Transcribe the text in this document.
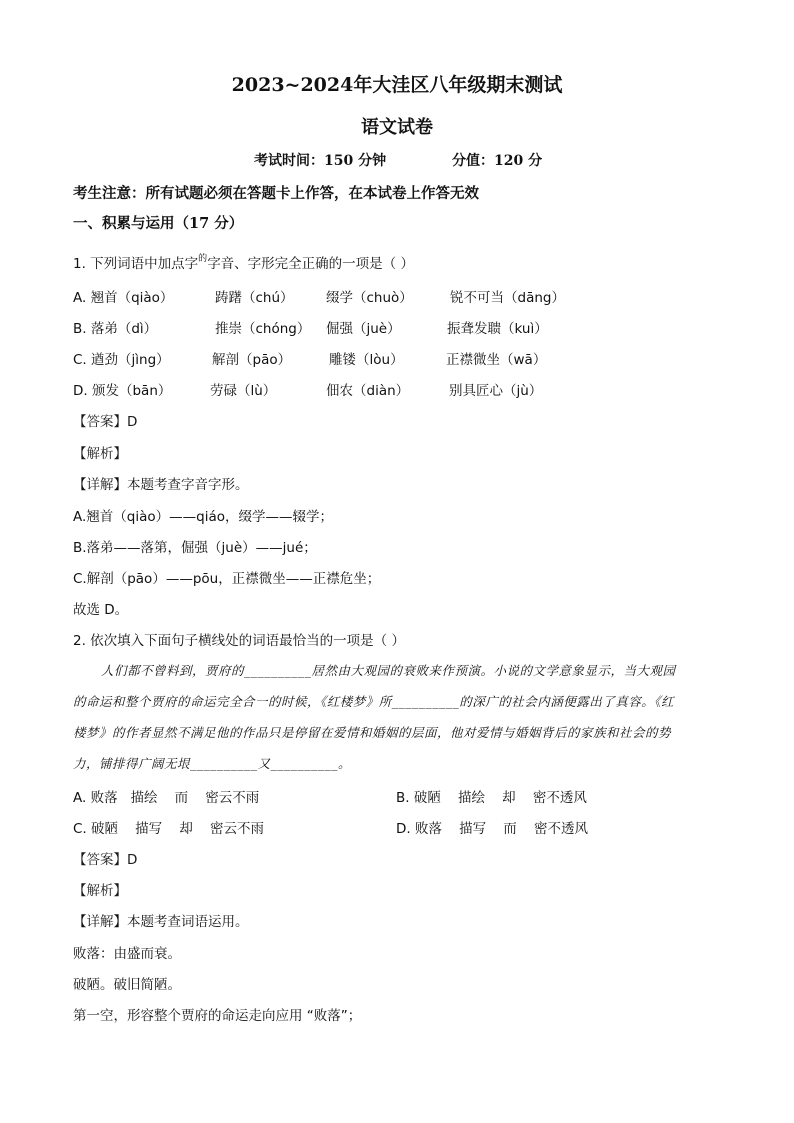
2023~2024年大洼区八年级期末测试
语文试卷
考试时间：150 分钟	分值：120 分
考生注意：所有试题必须在答题卡上作答，在本试卷上作答无效
一、积累与运用（17 分）
1. 下列词语中加点字$^的$字音、字形完全正确的一项是（ ）
A. 翘首（qiào）	踌躇（chú） 缀学（chuò）	锐不可当（dāng）
B. 落弟（dì）	推崇（chóng） 倔强（juè）	振聋发聩（kuì）
C. 遒劲（jìng）	解剖（pāo）	雕镂（lòu）	正襟微坐（wā）
D. 颁发（bān）	劳碌（lù）	佃农（diàn）	别具匠心（jù）
【答案】D
【解析】
【详解】本题考查字音字形。
A.翘首（qiào）——qiáo，缀学——辍学；
B.落弟——落第，倔强（juè）——jué；
C.解剖（pāo）——pōu，正襟微坐——正襟危坐；
故选 D。
2. 依次填入下面句子横线处的词语最恰当的一项是（ ）
人们都不曾料到，贾府的__________居然由大观园的衰败来作预演。小说的文学意象显示，当大观园
的命运和整个贾府的命运完全合一的时候，《红楼梦》所__________的深广的社会内涵便露出了真容。《红
楼梦》的作者显然不满足他的作品只是停留在爱情和婚姻的层面，他对爱情与婚姻背后的家族和社会的势
力，铺排得广阔无垠__________又__________。
A. 败落   描绘    而    密云不雨	B. 破陋    描绘    却    密不透风
C. 破陋    描写    却    密云不雨	D. 败落    描写    而    密不透风
【答案】D
【解析】
【详解】本题考查词语运用。
败落：由盛而衰。
破陋。破旧简陋。
第一空，形容整个贾府的命运走向应用 “败落”；
